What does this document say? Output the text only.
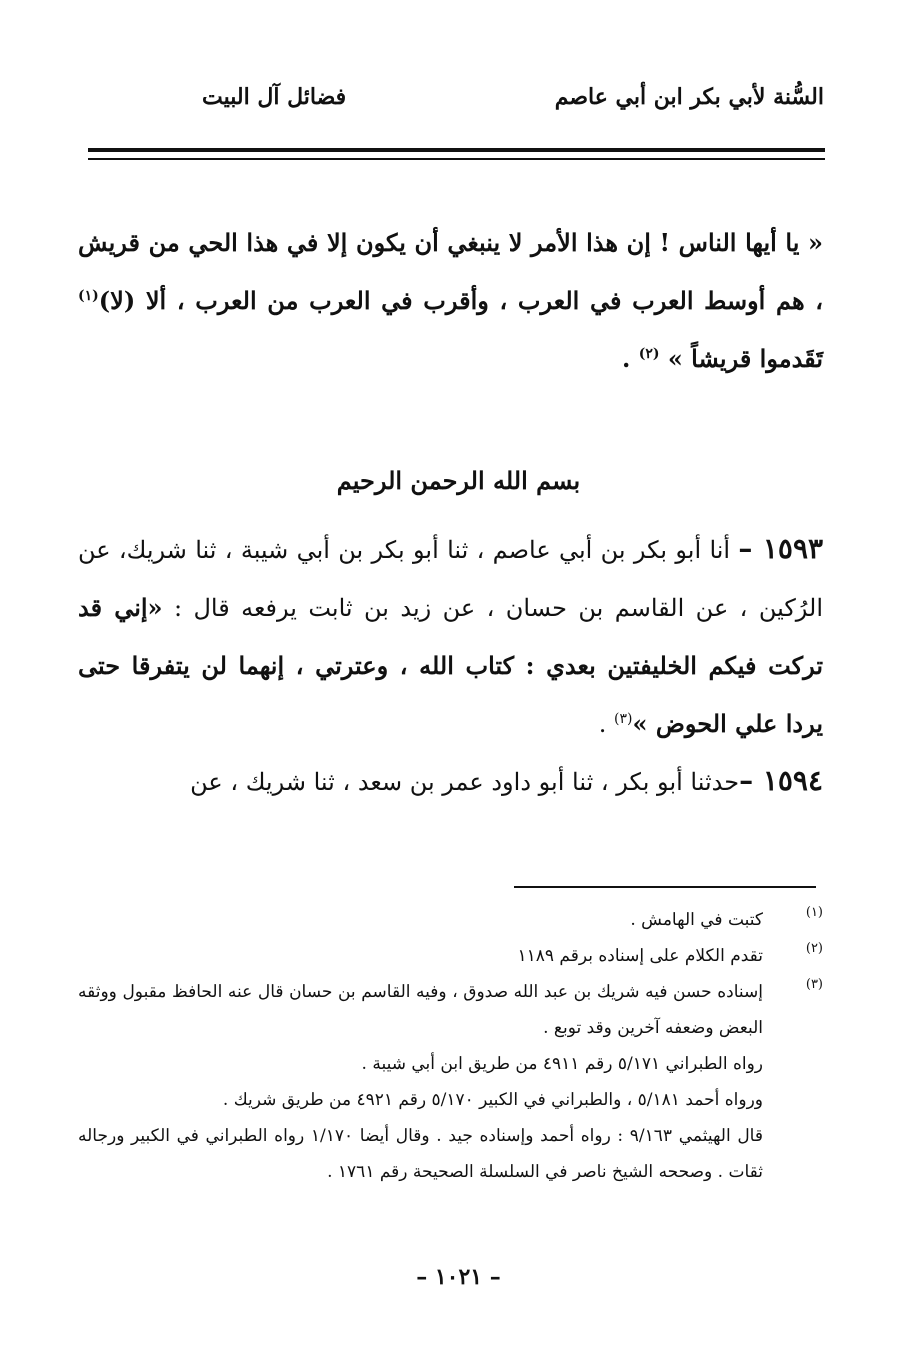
السُّنة لأبي بكر ابن أبي عاصم
فضائل آل البيت
« يا أيها الناس ! إن هذا الأمر لا ينبغي أن يكون إلا في هذا الحي من قريش ، هم أوسط العرب في العرب ، وأقرب في العرب من العرب ، ألا (لا)$^{(١)}$ تَقَدموا قريشاً » $^{(٢)}$ .
بسم الله الرحمن الرحيم
١٥٩٣ – أنا أبو بكر بن أبي عاصم ، ثنا أبو بكر بن أبي شيبة ، ثنا شريك، عن الرُكين ، عن القاسم بن حسان ، عن زيد بن ثابت يرفعه قال : «إني قد تركت فيكم الخليفتين بعدي : كتاب الله ، وعترتي ، إنهما لن يتفرقا حتى يردا علي الحوض »$^{(٣)}$ .
١٥٩٤ –حدثنا أبو بكر ، ثنا أبو داود عمر بن سعد ، ثنا شريك ، عن
(١)

كتبت في الهامش .

(٢)

تقدم الكلام على إسناده برقم ١١٨٩

(٣)

إسناده حسن فيه شريك بن عبد الله صدوق ، وفيه القاسم بن حسان قال عنه الحافظ مقبول ووثقه البعض وضعفه آخرين وقد توبع .

رواه الطبراني ٥/١٧١ رقم ٤٩١١ من طريق ابن أبي شيبة .

ورواه أحمد ٥/١٨١ ، والطبراني في الكبير ٥/١٧٠ رقم ٤٩٢١ من طريق شريك .

قال الهيثمي ٩/١٦٣ : رواه أحمد وإسناده جيد . وقال أيضا ١/١٧٠ رواه الطبراني في الكبير ورجاله ثقات . وصححه الشيخ ناصر في السلسلة الصحيحة رقم ١٧٦١ .

– ١٠٢١ –
